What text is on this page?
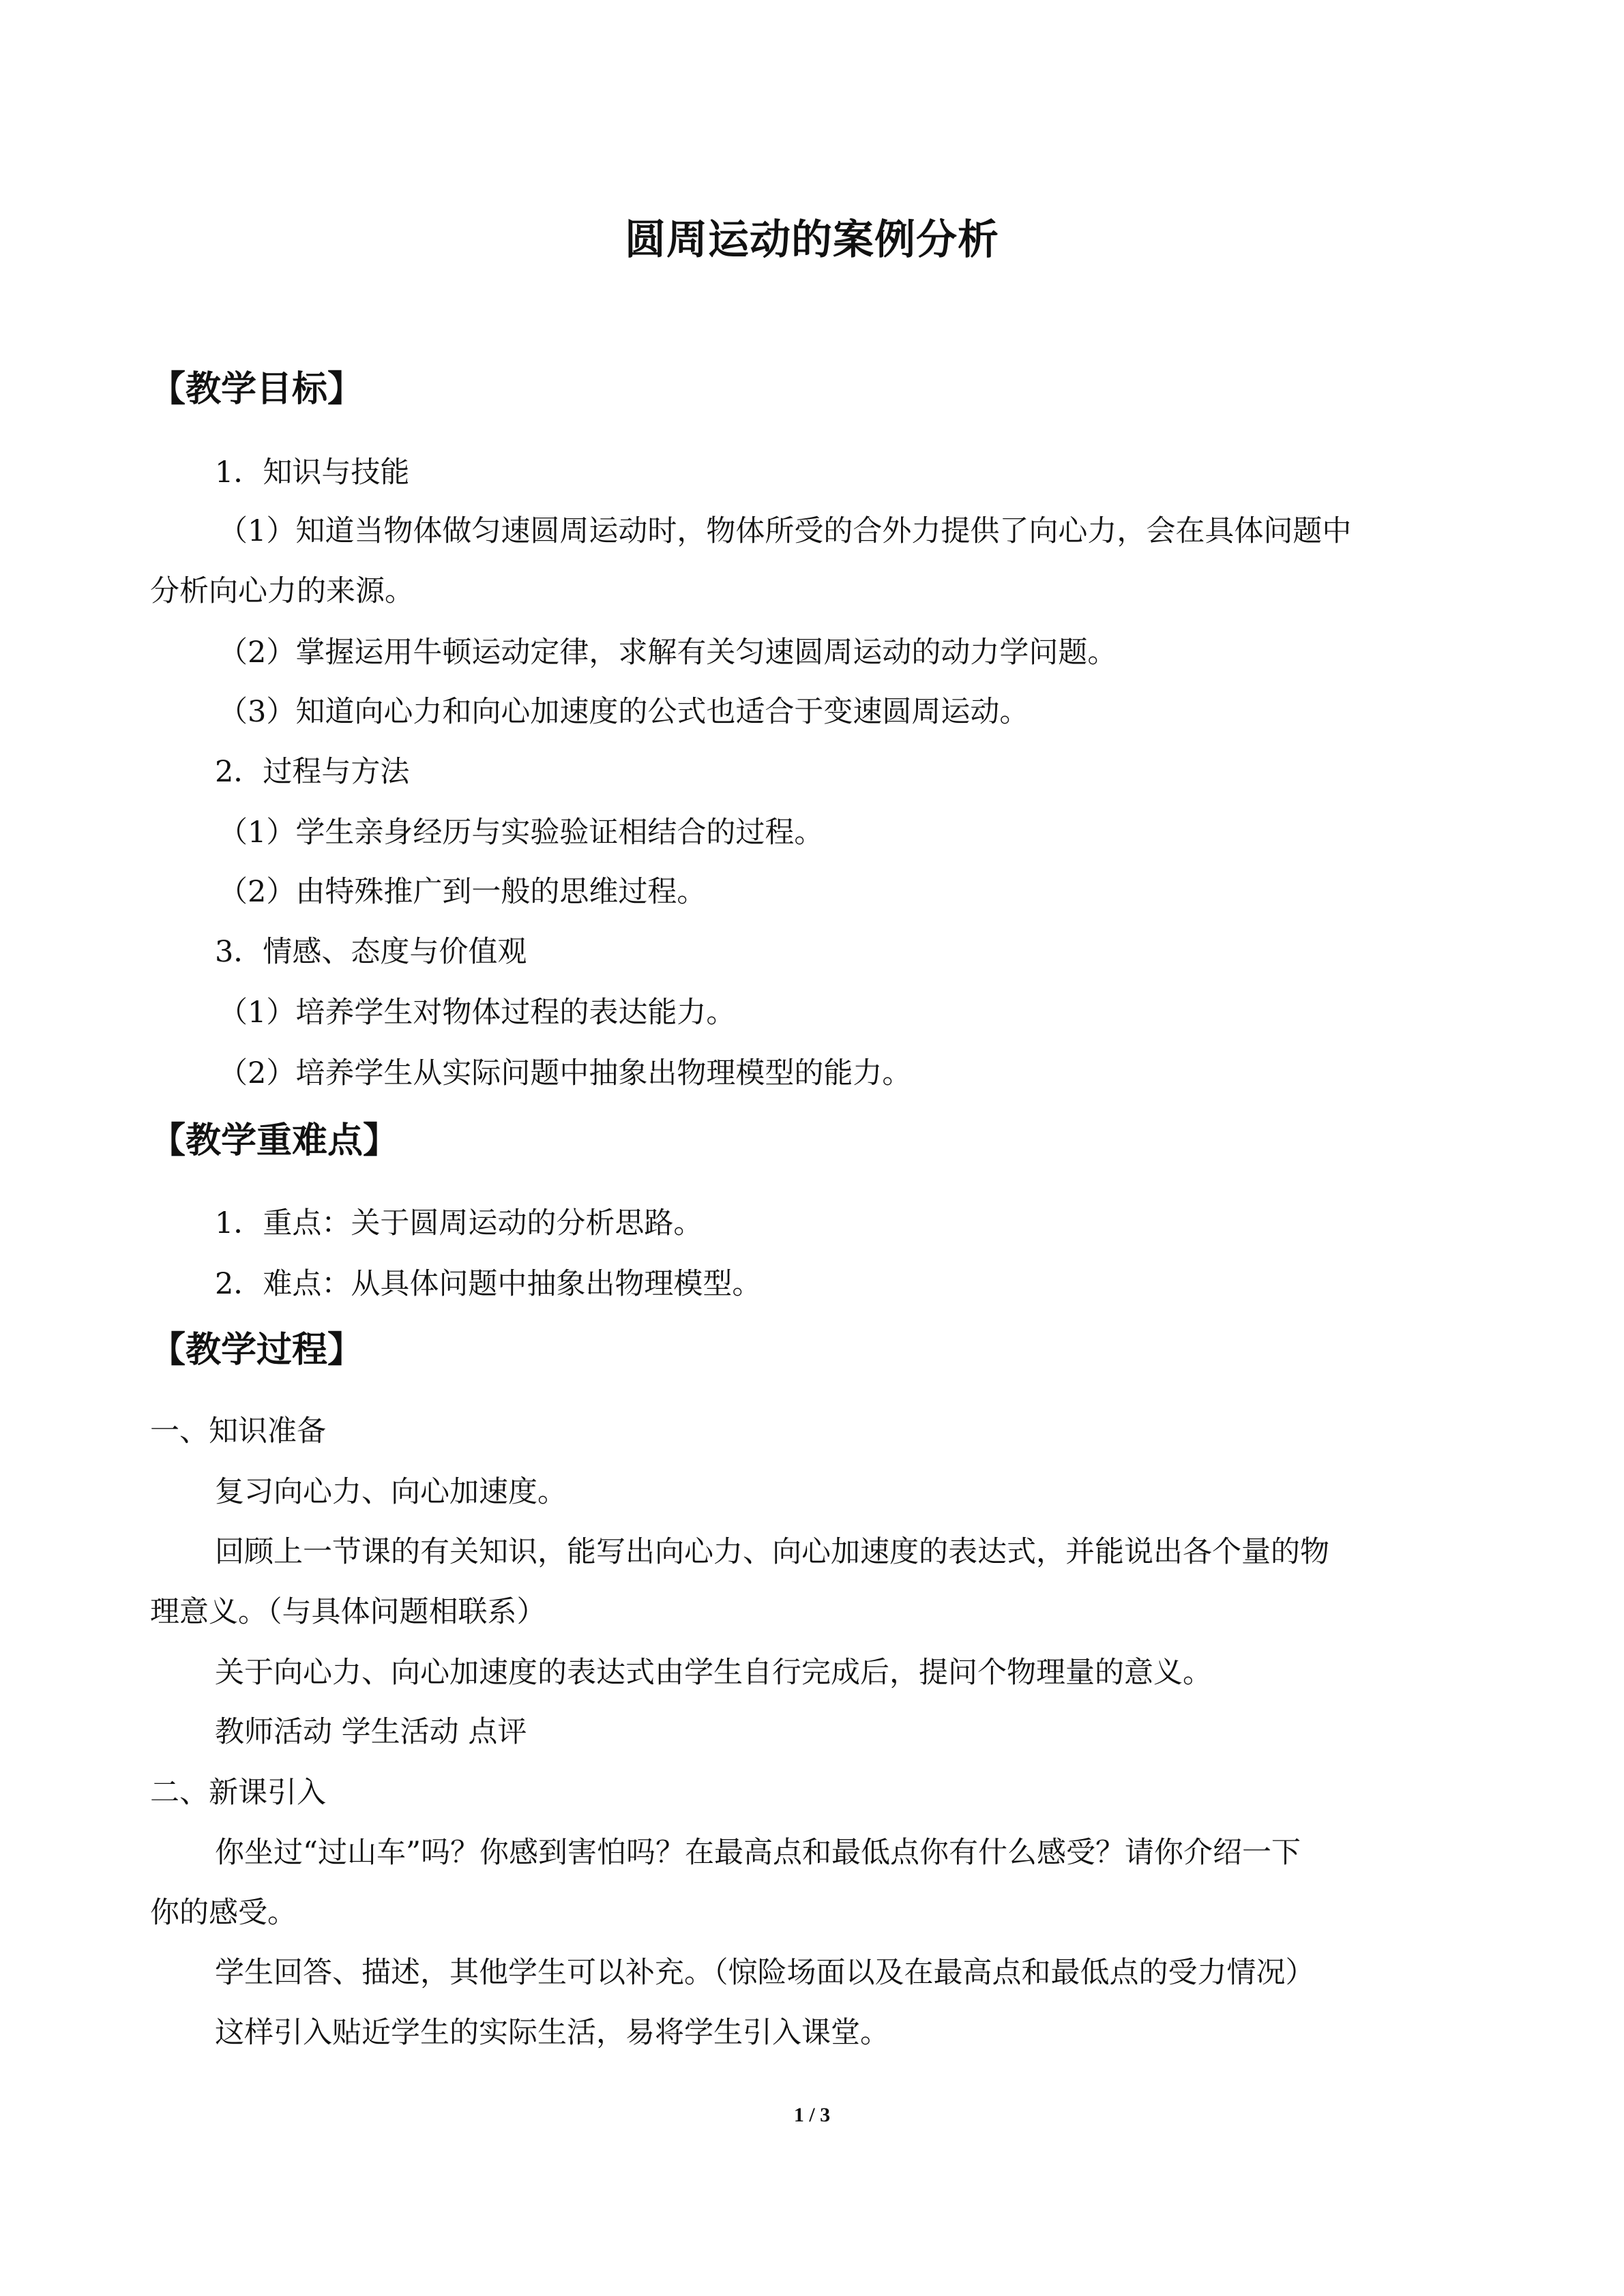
圆周运动的案例分析
【教学目标】
1．知识与技能
（1）知道当物体做匀速圆周运动时，物体所受的合外力提供了向心力，会在具体问题中
分析向心力的来源。
（2）掌握运用牛顿运动定律，求解有关匀速圆周运动的动力学问题。
（3）知道向心力和向心加速度的公式也适合于变速圆周运动。
2．过程与方法
（1）学生亲身经历与实验验证相结合的过程。
（2）由特殊推广到一般的思维过程。
3．情感、态度与价值观
（1）培养学生对物体过程的表达能力。
（2）培养学生从实际问题中抽象出物理模型的能力。
【教学重难点】
1．重点：关于圆周运动的分析思路。
2．难点：从具体问题中抽象出物理模型。
【教学过程】
一、知识准备
复习向心力、向心加速度。
回顾上一节课的有关知识，能写出向心力、向心加速度的表达式，并能说出各个量的物
理意义。（与具体问题相联系）
关于向心力、向心加速度的表达式由学生自行完成后，提问个物理量的意义。
教师活动 学生活动 点评
二、新课引入
你坐过“过山车”吗？你感到害怕吗？在最高点和最低点你有什么感受？请你介绍一下
你的感受。
学生回答、描述，其他学生可以补充。（惊险场面以及在最高点和最低点的受力情况）
这样引入贴近学生的实际生活，易将学生引入课堂。
1 / 3
